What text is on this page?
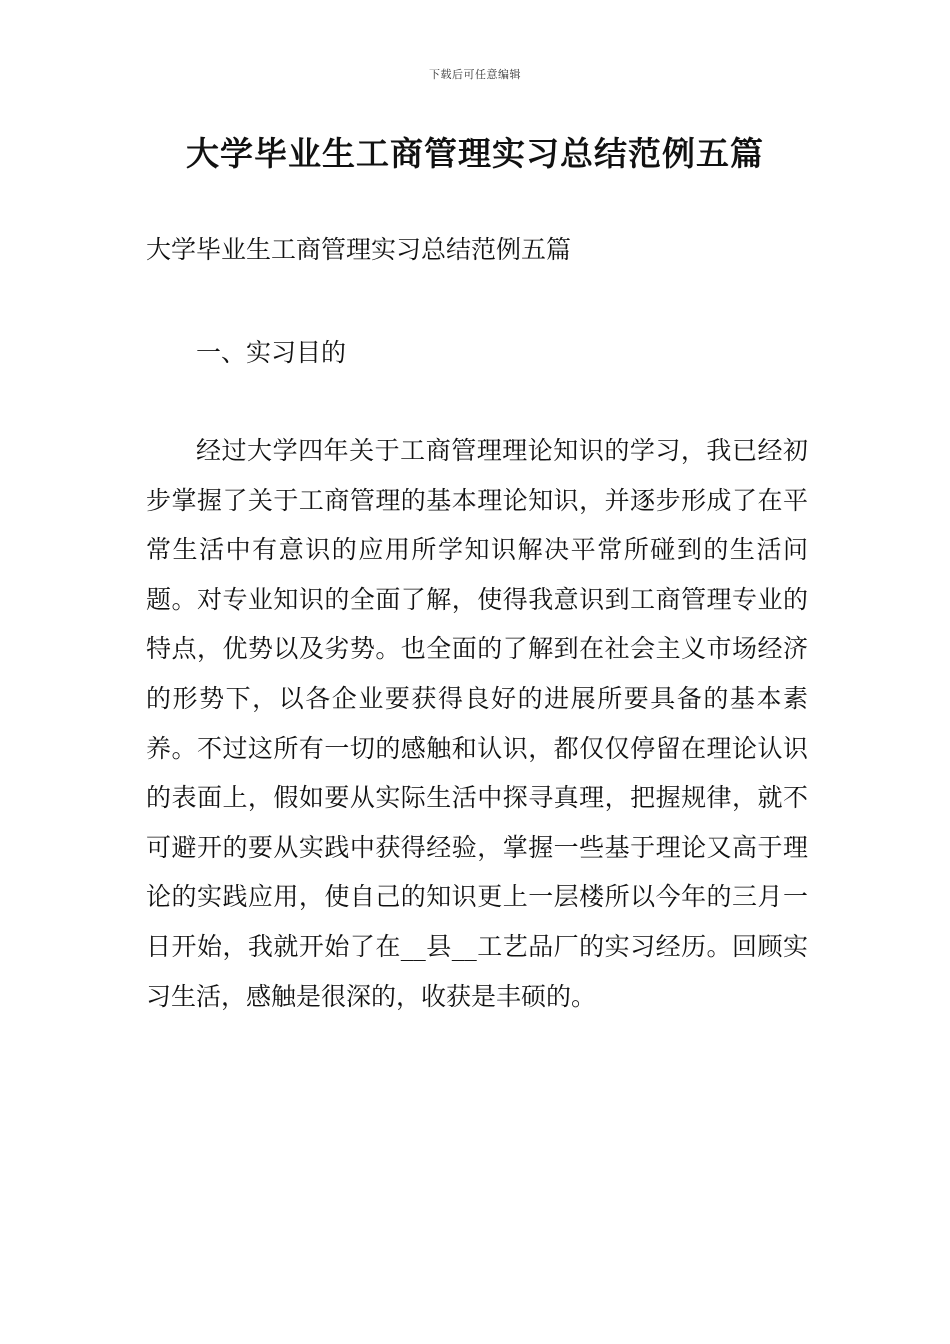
下载后可任意编辑
大学毕业生工商管理实习总结范例五篇

大学毕业生工商管理实习总结范例五篇

一、实习目的

经过大学四年关于工商管理理论知识的学习，我已经初步掌握了关于工商管理的基本理论知识，并逐步形成了在平常生活中有意识的应用所学知识解决平常所碰到的生活问题。对专业知识的全面了解，使得我意识到工商管理专业的特点，优势以及劣势。也全面的了解到在社会主义市场经济的形势下，以各企业要获得良好的进展所要具备的基本素养。不过这所有一切的感触和认识，都仅仅停留在理论认识的表面上，假如要从实际生活中探寻真理，把握规律，就不可避开的要从实践中获得经验，掌握一些基于理论又高于理论的实践应用，使自己的知识更上一层楼所以今年的三月一日开始，我就开始了在__县__工艺品厂的实习经历。回顾实习生活，感触是很深的，收获是丰硕的。
